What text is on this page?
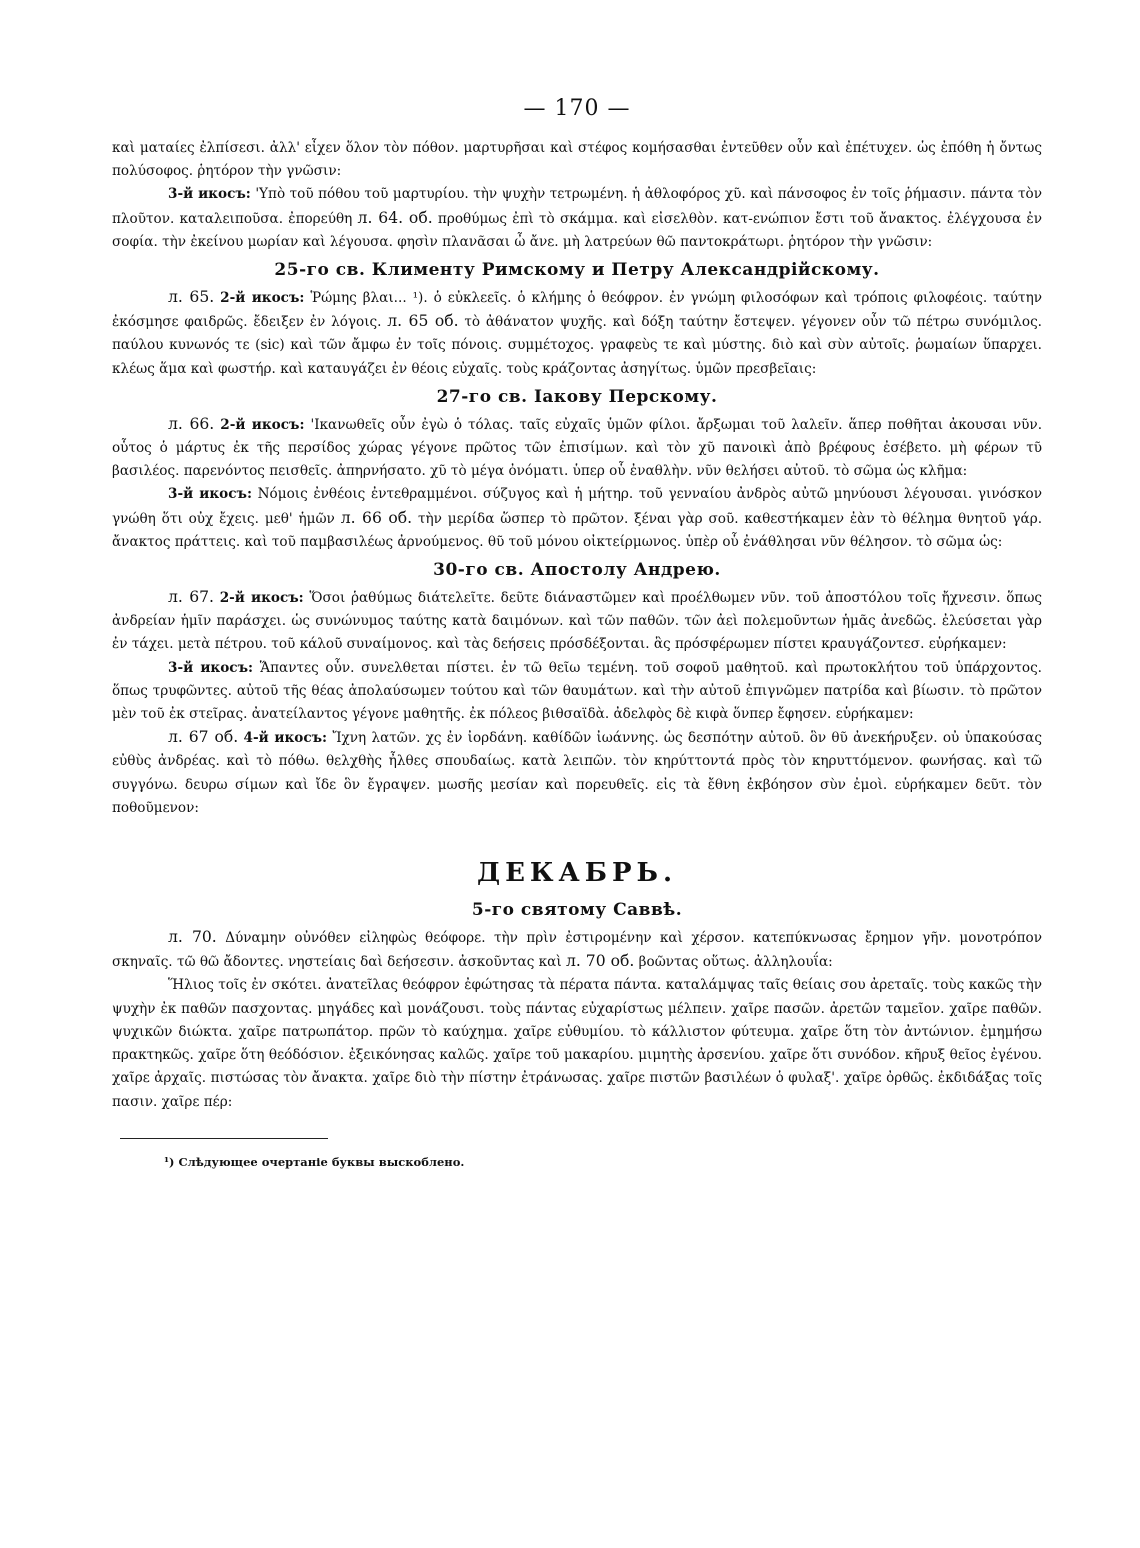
— 170 —

καὶ ματαίες ἐλπίσεσι. ἀλλ' εἶχεν ὅλον τὸν πόθον. μαρτυρῆσαι καὶ στέφος κομήσασθαι ἐντεῦθεν οὖν καὶ ἐπέτυχεν. ὡς ἐπόθη ἡ ὄντως πολύσοφος. ῥητόρον τὴν γνῶσιν:

3-й икосъ: 'Υπὸ τοῦ πόθου τοῦ μαρτυρίου. τὴν ψυχὴν τετρωμένη. ἡ ἀθλοφόρος χῦ. καὶ πάνσοφος ἐν τοῖς ῥήμασιν. πάντα τὸν πλοῦτον. καταλειποῦσα. ἐπορεύθη л. 64. об. προθύμως ἐπὶ τὸ σκάμμα. καὶ εἰσελθὸν. κατ-ενώπιον ἔστι τοῦ ἄνακτος. ἐλέγχουσα ἐν σοφία. τὴν ἐκείνου μωρίαν καὶ λέγουσα. φησὶν πλανᾶσαι ὦ ἄνε. μὴ λατρεύων θῶ παντοκράτωρι. ῥητόρον τὴν γνῶσιν:

25-го св. Клименту Римскому и Петру Александрійскому.

л. 65. 2-й икосъ: Ῥώμης βλαι... ¹). ὁ εὐκλεεῖς. ὁ κλήμης ὁ θεόφρον. ἐν γνώμη φιλοσόφων καὶ τρόποις φιλοφέοις. ταύτην ἐκόσμησε φαιδρῶς. ἔδειξεν ἐν λόγοις. л. 65 об. τὸ ἀθάνατον ψυχῆς. καὶ δόξη ταύτην ἔστεψεν. γέγονεν οὖν τῶ πέτρω συνόμιλος. παύλου κυνωνός τε (sic) καὶ τῶν ἄμφω ἐν τοῖς πόνοις. συμμέτοχος. γραφεὺς τε καὶ μύστης. διὸ καὶ σὺν αὐτοῖς. ῥωμαίων ὕπαρχει. κλέως ἅμα καὶ φωστήρ. καὶ καταυγάζει ἐν θέοις εὐχαῖς. τοὺς κράζοντας ἀσηγίτως. ὑμῶν πρεσβεῖαις:

27-го св. Іакову Перскому.

л. 66. 2-й икосъ: 'Ικανωθεῖς οὖν ἐγὼ ὁ τόλας. ταῖς εὐχαῖς ὑμῶν φίλοι. ἄρξωμαι τοῦ λαλεῖν. ἅπερ ποθῆται ἀκουσαι νῦν. οὗτος ὁ μάρτυς ἐκ τῆς περσίδος χώρας γέγονε πρῶτος τῶν ἐπισίμων. καὶ τὸν χῦ πανοικὶ ἀπὸ βρέφους ἐσέβετο. μὴ φέρων τῦ βασιλέος. παρενόντος πεισθεῖς. ἀπηρνήσατο. χῦ τὸ μέγα ὀνόματι. ὑπερ οὗ ἐναθλὴν. νῦν θελήσει αὐτοῦ. τὸ σῶμα ὡς κλῆμα:

3-й икосъ: Νόμοις ἐνθέοις ἐντεθραμμένοι. σύζυγος καὶ ἡ μήτηρ. τοῦ γενναίου ἀνδρὸς αὐτῶ μηνύουσι λέγουσαι. γινόσκον γνώθη ὅτι οὐχ ἔχεις. μεθ' ἡμῶν л. 66 об. τὴν μερίδα ὥσπερ τὸ πρῶτον. ξέναι γὰρ σοῦ. καθεστήκαμεν ἐὰν τὸ θέλημα θνητοῦ γάρ. ἄνακτος πράττεις. καὶ τοῦ παμβασιλέως ἀρνούμενος. θῦ τοῦ μόνου οἰκτείρμωνος. ὑπὲρ οὗ ἐνάθλησαι νῦν θέλησον. τὸ σῶμα ὡς:

30-го св. Апостолу Андрею.

л. 67. 2-й икосъ: Ὅσοι ῥαθύμως διάτελεῖτε. δεῦτε διάναστῶμεν καὶ προέλθωμεν νῦν. τοῦ ἀποστόλου τοῖς ἤχνεσιν. ὅπως ἀνδρείαν ἡμῖν παράσχει. ὡς συνώνυμος ταύτης κατὰ δαιμόνων. καὶ τῶν παθῶν. τῶν ἀεὶ πολεμοῦντων ἡμᾶς ἀνεδῶς. ἐλεύσεται γὰρ ἐν τάχει. μετὰ πέτρου. τοῦ κάλοῦ συναίμονος. καὶ τὰς δεήσεις πρόσδέξονται. ἃς πρόσφέρωμεν πίστει κραυγάζοντεσ. εὑρήκαμεν:

3-й икосъ: Ἅπαντες οὖν. συνελθεται πίστει. ἐν τῶ θεῖω τεμένη. τοῦ σοφοῦ μαθητοῦ. καὶ πρωτοκλήτου τοῦ ὑπάρχοντος. ὅπως τρυφῶντες. αὐτοῦ τῆς θέας ἀπολαύσωμεν τούτου καὶ τῶν θαυμάτων. καὶ τὴν αὐτοῦ ἐπιγνῶμεν πατρίδα καὶ βίωσιν. τὸ πρῶτον μὲν τοῦ ἐκ στεῖρας. ἀνατείλαντος γέγονε μαθητῆς. ἐκ πόλεος βιθσαϊδὰ. ἀδελφὸς δὲ κιφὰ ὅνπερ ἔφησεν. εὑρήκαμεν:

л. 67 об. 4-й икосъ: Ἴχνη λατῶν. χς ἐν ἰορδάνη. καθίδῶν ἰωάννης. ὡς δεσπότην αὐτοῦ. ὃν θῦ ἀνεκήρυξεν. οὐ ὑπακούσας εὐθὺς ἀνδρέας. καὶ τὸ πόθω. θελχθὴς ἦλθες σπουδαίως. κατὰ λειπῶν. τὸν κηρύττοντά πρὸς τὸν κηρυττόμενον. φωνήσας. καὶ τῶ συγγόνω. δευρω σίμων καὶ ἴδε ὃν ἔγραψεν. μωσῆς μεσίαν καὶ πορευθεῖς. εἰς τὰ ἔθνη ἐκβόησον σὺν ἐμοὶ. εὑρήκαμεν δεῦτ. τὸν ποθοῦμενον:

ДЕКАБРЬ.
5-го святому Саввѣ.

л. 70. Δύναμην οὐνόθεν εἰληφὼς θεόφορε. τὴν πρὶν ἐστιρομένην καὶ χέρσον. κατεπύκνωσας ἔρημον γῆν. μονοτρόπον σκηναῖς. τῶ θῶ ἄδοντες. νηστείαις δαὶ δεήσεσιν. ἀσκοῦντας καὶ л. 70 об. βοῶντας οὕτως. ἀλληλουΐα:

Ἥλιος τοῖς ἐν σκότει. ἀνατεῖλας θεόφρον ἐφώτησας τὰ πέρατα πάντα. καταλάμψας ταῖς θείαις σου ἀρεταῖς. τοὺς κακῶς τὴν ψυχὴν ἐκ παθῶν πασχοντας. μηγάδες καὶ μονάζουσι. τοὺς πάντας εὐχαρίστως μέλπειν. χαῖρε πασῶν. ἀρετῶν ταμεῖον. χαῖρε παθῶν. ψυχικῶν διώκτα. χαῖρε πατρωπάτορ. πρῶν τὸ καύχημα. χαῖρε εὐθυμίου. τὸ κάλλιστον φύτευμα. χαῖρε ὅτη τὸν ἀντώνιον. ἐμημήσω πρακτηκῶς. χαῖρε ὅτη θεόδόσιον. ἐξεικόνησας καλῶς. χαῖρε τοῦ μακαρίου. μιμητὴς ἀρσενίου. χαῖρε ὅτι συνόδον. κῆρυξ θεῖος ἐγένου. χαῖρε ἀρχαῖς. πιστώσας τὸν ἄνακτα. χαῖρε διὸ τὴν πίστην ἐτράνωσας. χαῖρε πιστῶν βασιλέων ὁ φυλαξ'. χαῖρε ὀρθῶς. ἐκδιδάξας τοῖς πασιν. χαῖρε πέρ:

¹) Слѣдующее очертаніе буквы выскоблено.
